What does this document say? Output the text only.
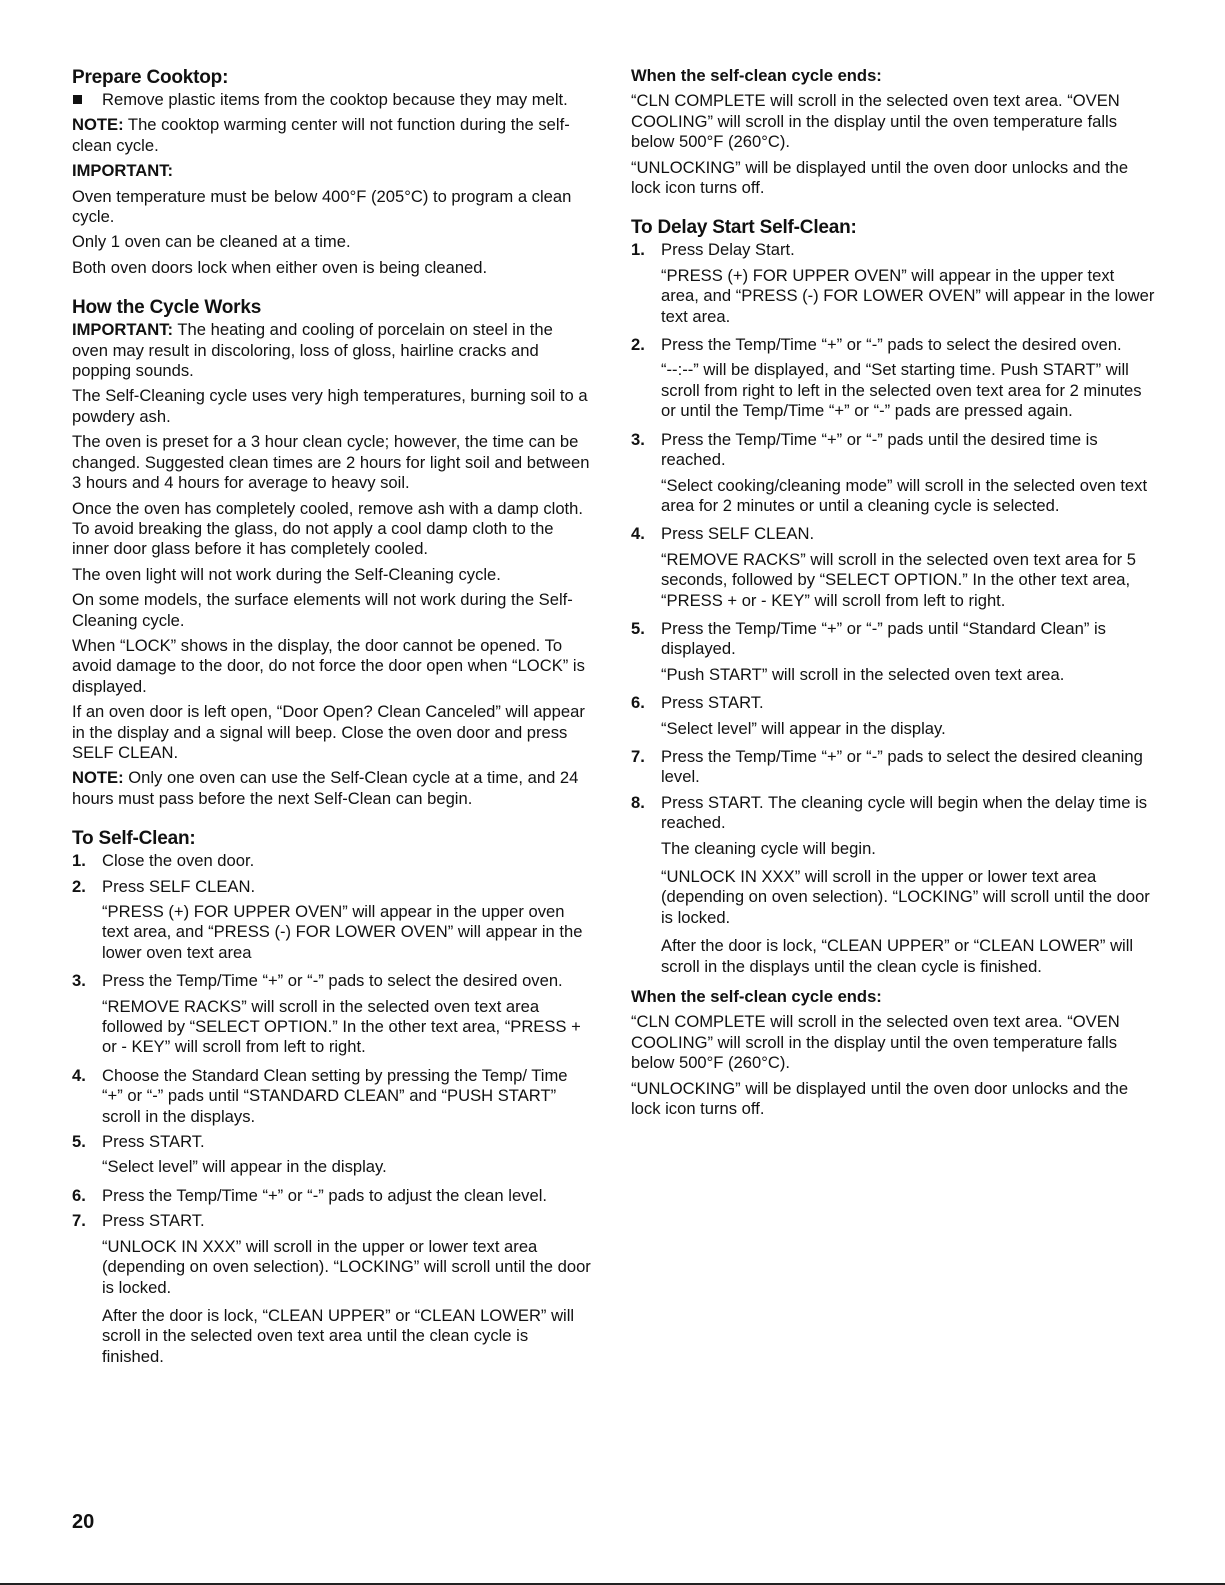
Prepare Cooktop:
Remove plastic items from the cooktop because they may melt.

NOTE: The cooktop warming center will not function during the self-clean cycle.

IMPORTANT:

Oven temperature must be below 400°F (205°C) to program a clean cycle.

Only 1 oven can be cleaned at a time.

Both oven doors lock when either oven is being cleaned.

How the Cycle Works

IMPORTANT: The heating and cooling of porcelain on steel in the oven may result in discoloring, loss of gloss, hairline cracks and popping sounds.

The Self-Cleaning cycle uses very high temperatures, burning soil to a powdery ash.

The oven is preset for a 3 hour clean cycle; however, the time can be changed. Suggested clean times are 2 hours for light soil and between 3 hours and 4 hours for average to heavy soil.

Once the oven has completely cooled, remove ash with a damp cloth. To avoid breaking the glass, do not apply a cool damp cloth to the inner door glass before it has completely cooled.

The oven light will not work during the Self-Cleaning cycle.

On some models, the surface elements will not work during the Self-Cleaning cycle.

When “LOCK” shows in the display, the door cannot be opened. To avoid damage to the door, do not force the door open when “LOCK” is displayed.

If an oven door is left open, “Door Open? Clean Canceled” will appear in the display and a signal will beep. Close the oven door and press SELF CLEAN.

NOTE: Only one oven can use the Self-Clean cycle at a time, and 24 hours must pass before the next Self-Clean can begin.

To Self-Clean:
1. Close the oven door.
2. Press SELF CLEAN.

“PRESS (+) FOR UPPER OVEN” will appear in the upper oven text area, and “PRESS (-) FOR LOWER OVEN” will appear in the lower oven text area

3. Press the Temp/Time “+” or “-” pads to select the desired oven.

“REMOVE RACKS” will scroll in the selected oven text area followed by “SELECT OPTION.” In the other text area, “PRESS + or - KEY” will scroll from left to right.

4. Choose the Standard Clean setting by pressing the Temp/ Time “+” or “-” pads until “STANDARD CLEAN” and “PUSH START” scroll in the displays.
5. Press START.

“Select level” will appear in the display.

6. Press the Temp/Time “+” or “-” pads to adjust the clean level.
7. Press START.

“UNLOCK IN XXX” will scroll in the upper or lower text area (depending on oven selection). “LOCKING” will scroll until the door is locked.

After the door is lock, “CLEAN UPPER” or “CLEAN LOWER” will scroll in the selected oven text area until the clean cycle is finished.

When the self-clean cycle ends:

“CLN COMPLETE will scroll in the selected oven text area. “OVEN COOLING” will scroll in the display until the oven temperature falls below 500°F (260°C).

“UNLOCKING” will be displayed until the oven door unlocks and the lock icon turns off.

To Delay Start Self-Clean:
1. Press Delay Start.

“PRESS (+) FOR UPPER OVEN” will appear in the upper text area, and “PRESS (-) FOR LOWER OVEN” will appear in the lower text area.

2. Press the Temp/Time “+” or “-” pads to select the desired oven.

“--:--” will be displayed, and “Set starting time. Push START” will scroll from right to left in the selected oven text area for 2 minutes or until the Temp/Time “+” or “-” pads are pressed again.

3. Press the Temp/Time “+” or “-” pads until the desired time is reached.

“Select cooking/cleaning mode” will scroll in the selected oven text area for 2 minutes or until a cleaning cycle is selected.

4. Press SELF CLEAN.

“REMOVE RACKS” will scroll in the selected oven text area for 5 seconds, followed by “SELECT OPTION.” In the other text area, “PRESS + or - KEY” will scroll from left to right.

5. Press the Temp/Time “+” or “-” pads until “Standard Clean” is displayed.

“Push START” will scroll in the selected oven text area.

6. Press START.

“Select level” will appear in the display.

7. Press the Temp/Time “+” or “-” pads to select the desired cleaning level.
8. Press START. The cleaning cycle will begin when the delay time is reached.

The cleaning cycle will begin.

“UNLOCK IN XXX” will scroll in the upper or lower text area (depending on oven selection). “LOCKING” will scroll until the door is locked.

After the door is lock, “CLEAN UPPER” or “CLEAN LOWER” will scroll in the displays until the clean cycle is finished.

When the self-clean cycle ends:

“CLN COMPLETE will scroll in the selected oven text area. “OVEN COOLING” will scroll in the display until the oven temperature falls below 500°F (260°C).

“UNLOCKING” will be displayed until the oven door unlocks and the lock icon turns off.

20
